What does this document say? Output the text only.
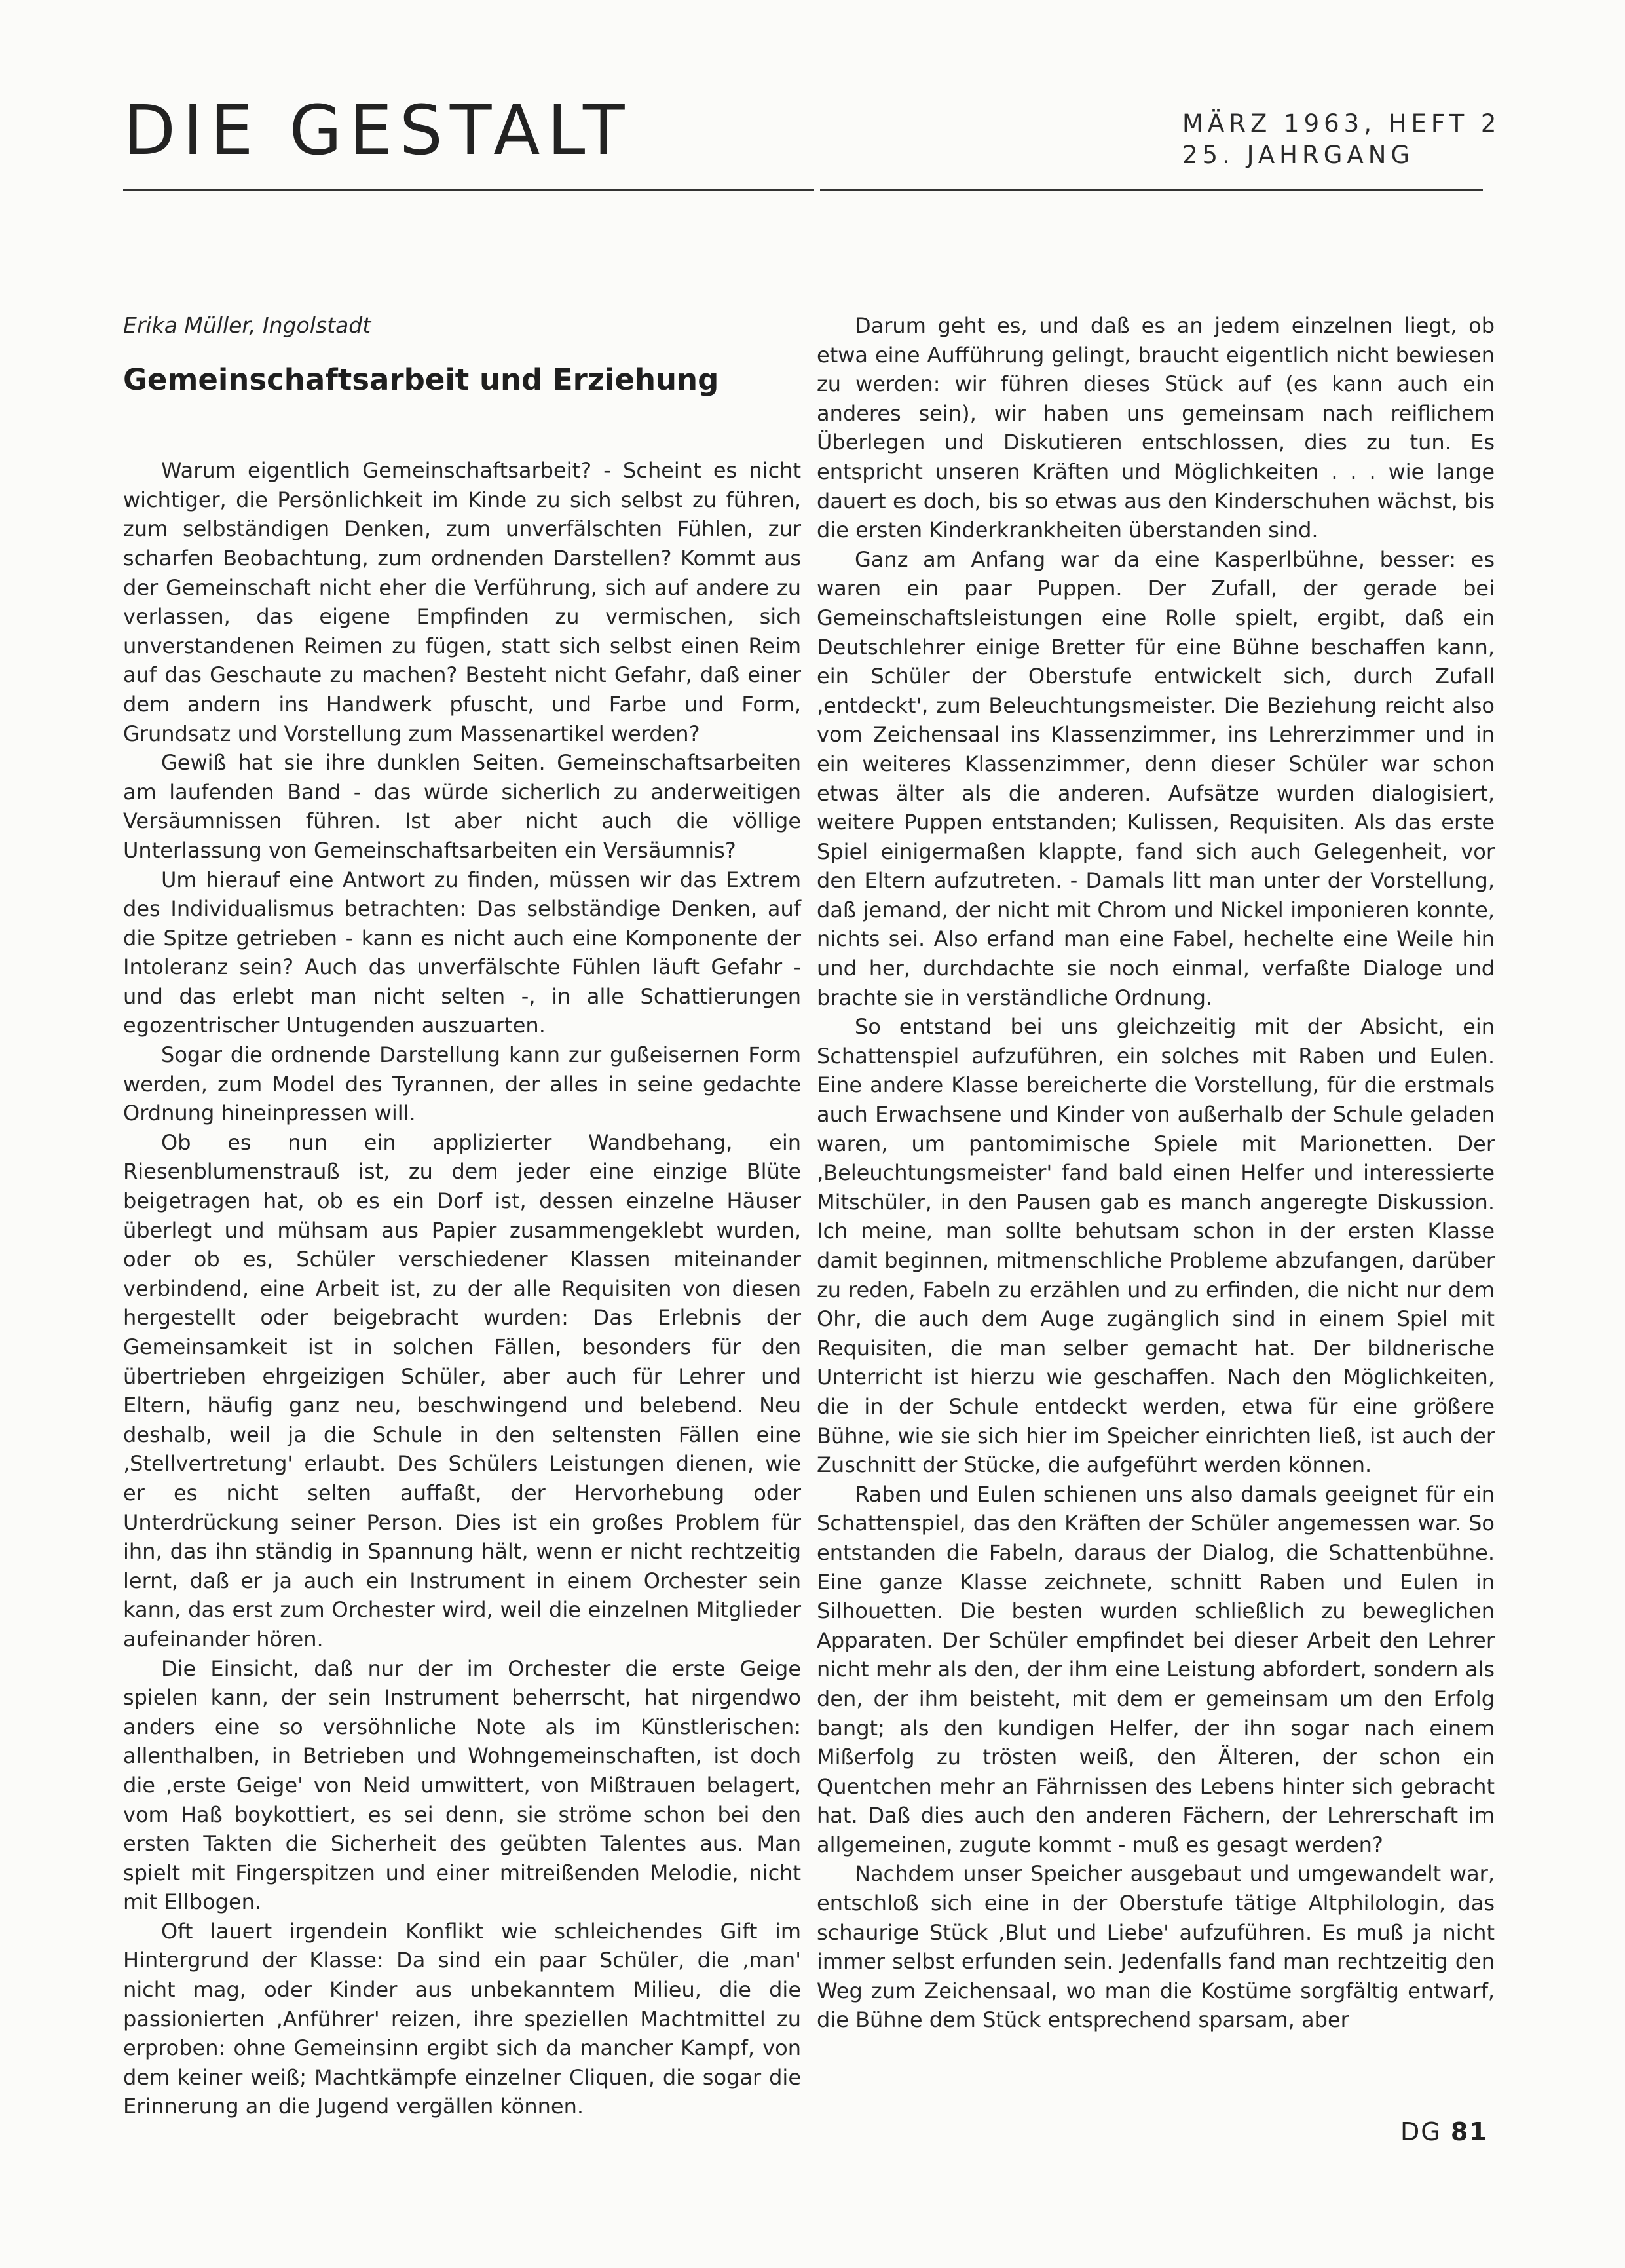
DIE GESTALT	MÄRZ 1963, HEFT 2
25. JAHRGANG
Erika Müller, Ingolstadt
Gemeinschaftsarbeit und Erziehung

Warum eigentlich Gemeinschaftsarbeit? - Scheint es nicht wichtiger, die Persönlichkeit im Kinde zu sich selbst zu führen, zum selbständigen Denken, zum unverfälschten Fühlen, zur scharfen Beobachtung, zum ordnenden Darstellen? Kommt aus der Gemeinschaft nicht eher die Verführung, sich auf andere zu verlassen, das eigene Empfinden zu vermischen, sich unverstandenen Reimen zu fügen, statt sich selbst einen Reim auf das Geschaute zu machen? Besteht nicht Gefahr, daß einer dem andern ins Handwerk pfuscht, und Farbe und Form, Grundsatz und Vorstellung zum Massenartikel werden?

Gewiß hat sie ihre dunklen Seiten. Gemeinschaftsarbeiten am laufenden Band - das würde sicherlich zu anderweitigen Versäumnissen führen. Ist aber nicht auch die völlige Unterlassung von Gemeinschaftsarbeiten ein Versäumnis?

Um hierauf eine Antwort zu finden, müssen wir das Extrem des Individualismus betrachten: Das selbständige Denken, auf die Spitze getrieben - kann es nicht auch eine Komponente der Intoleranz sein? Auch das unverfälschte Fühlen läuft Gefahr - und das erlebt man nicht selten -, in alle Schattierungen egozentrischer Untugenden auszuarten.

Sogar die ordnende Darstellung kann zur gußeisernen Form werden, zum Model des Tyrannen, der alles in seine gedachte Ordnung hineinpressen will.

Ob es nun ein applizierter Wandbehang, ein Riesenblumenstrauß ist, zu dem jeder eine einzige Blüte beigetragen hat, ob es ein Dorf ist, dessen einzelne Häuser überlegt und mühsam aus Papier zusammengeklebt wurden, oder ob es, Schüler verschiedener Klassen miteinander verbindend, eine Arbeit ist, zu der alle Requisiten von diesen hergestellt oder beigebracht wurden: Das Erlebnis der Gemeinsamkeit ist in solchen Fällen, besonders für den übertrieben ehrgeizigen Schüler, aber auch für Lehrer und Eltern, häufig ganz neu, beschwingend und belebend. Neu deshalb, weil ja die Schule in den seltensten Fällen eine ‚Stellvertretung' erlaubt. Des Schülers Leistungen dienen, wie er es nicht selten auffaßt, der Hervorhebung oder Unterdrückung seiner Person. Dies ist ein großes Problem für ihn, das ihn ständig in Spannung hält, wenn er nicht rechtzeitig lernt, daß er ja auch ein Instrument in einem Orchester sein kann, das erst zum Orchester wird, weil die einzelnen Mitglieder aufeinander hören.

Die Einsicht, daß nur der im Orchester die erste Geige spielen kann, der sein Instrument beherrscht, hat nirgendwo anders eine so versöhnliche Note als im Künstlerischen: allenthalben, in Betrieben und Wohngemeinschaften, ist doch die ‚erste Geige' von Neid umwittert, von Mißtrauen belagert, vom Haß boykottiert, es sei denn, sie ströme schon bei den ersten Takten die Sicherheit des geübten Talentes aus. Man spielt mit Fingerspitzen und einer mitreißenden Melodie, nicht mit Ellbogen.

Oft lauert irgendein Konflikt wie schleichendes Gift im Hintergrund der Klasse: Da sind ein paar Schüler, die ‚man' nicht mag, oder Kinder aus unbekanntem Milieu, die die passionierten ‚Anführer' reizen, ihre speziellen Machtmittel zu erproben: ohne Gemeinsinn ergibt sich da mancher Kampf, von dem keiner weiß; Machtkämpfe einzelner Cliquen, die sogar die Erinnerung an die Jugend vergällen können.

Darum geht es, und daß es an jedem einzelnen liegt, ob etwa eine Aufführung gelingt, braucht eigentlich nicht bewiesen zu werden: wir führen dieses Stück auf (es kann auch ein anderes sein), wir haben uns gemeinsam nach reiflichem Überlegen und Diskutieren entschlossen, dies zu tun. Es entspricht unseren Kräften und Möglichkeiten . . . wie lange dauert es doch, bis so etwas aus den Kinderschuhen wächst, bis die ersten Kinderkrankheiten überstanden sind.

Ganz am Anfang war da eine Kasperlbühne, besser: es waren ein paar Puppen. Der Zufall, der gerade bei Gemeinschaftsleistungen eine Rolle spielt, ergibt, daß ein Deutschlehrer einige Bretter für eine Bühne beschaffen kann, ein Schüler der Oberstufe entwickelt sich, durch Zufall ‚entdeckt', zum Beleuchtungsmeister. Die Beziehung reicht also vom Zeichensaal ins Klassenzimmer, ins Lehrerzimmer und in ein weiteres Klassenzimmer, denn dieser Schüler war schon etwas älter als die anderen. Aufsätze wurden dialogisiert, weitere Puppen entstanden; Kulissen, Requisiten. Als das erste Spiel einigermaßen klappte, fand sich auch Gelegenheit, vor den Eltern aufzutreten. - Damals litt man unter der Vorstellung, daß jemand, der nicht mit Chrom und Nickel imponieren konnte, nichts sei. Also erfand man eine Fabel, hechelte eine Weile hin und her, durchdachte sie noch einmal, verfaßte Dialoge und brachte sie in verständliche Ordnung.

So entstand bei uns gleichzeitig mit der Absicht, ein Schattenspiel aufzuführen, ein solches mit Raben und Eulen. Eine andere Klasse bereicherte die Vorstellung, für die erstmals auch Erwachsene und Kinder von außerhalb der Schule geladen waren, um pantomimische Spiele mit Marionetten. Der ‚Beleuchtungsmeister' fand bald einen Helfer und interessierte Mitschüler, in den Pausen gab es manch angeregte Diskussion. Ich meine, man sollte behutsam schon in der ersten Klasse damit beginnen, mitmenschliche Probleme abzufangen, darüber zu reden, Fabeln zu erzählen und zu erfinden, die nicht nur dem Ohr, die auch dem Auge zugänglich sind in einem Spiel mit Requisiten, die man selber gemacht hat. Der bildnerische Unterricht ist hierzu wie geschaffen. Nach den Möglichkeiten, die in der Schule entdeckt werden, etwa für eine größere Bühne, wie sie sich hier im Speicher einrichten ließ, ist auch der Zuschnitt der Stücke, die aufgeführt werden können.

Raben und Eulen schienen uns also damals geeignet für ein Schattenspiel, das den Kräften der Schüler angemessen war. So entstanden die Fabeln, daraus der Dialog, die Schattenbühne. Eine ganze Klasse zeichnete, schnitt Raben und Eulen in Silhouetten. Die besten wurden schließlich zu beweglichen Apparaten. Der Schüler empfindet bei dieser Arbeit den Lehrer nicht mehr als den, der ihm eine Leistung abfordert, sondern als den, der ihm beisteht, mit dem er gemeinsam um den Erfolg bangt; als den kundigen Helfer, der ihn sogar nach einem Mißerfolg zu trösten weiß, den Älteren, der schon ein Quentchen mehr an Fährnissen des Lebens hinter sich gebracht hat. Daß dies auch den anderen Fächern, der Lehrerschaft im allgemeinen, zugute kommt - muß es gesagt werden?

Nachdem unser Speicher ausgebaut und umgewandelt war, entschloß sich eine in der Oberstufe tätige Altphilologin, das schaurige Stück ‚Blut und Liebe' aufzuführen. Es muß ja nicht immer selbst erfunden sein. Jedenfalls fand man rechtzeitig den Weg zum Zeichensaal, wo man die Kostüme sorgfältig entwarf, die Bühne dem Stück entsprechend sparsam, aber

DG 81
